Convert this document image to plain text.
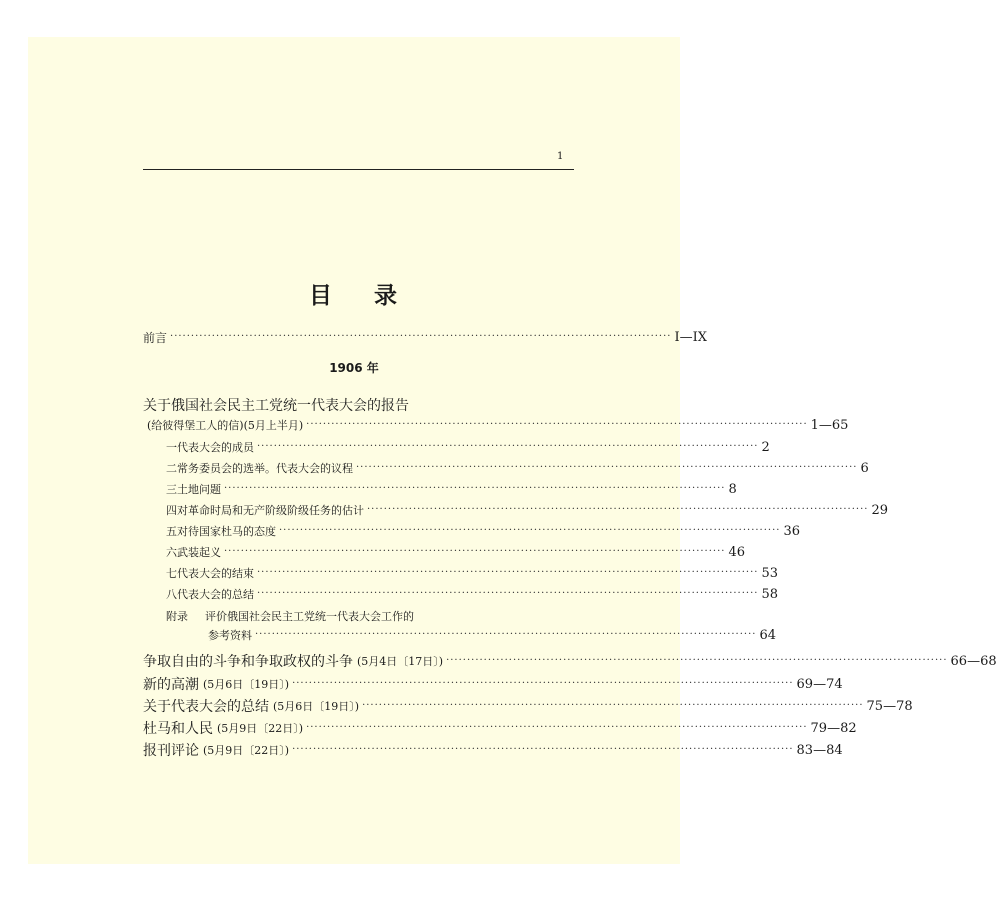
1
目 录
前言 ························································································································ I—IX
1906 年
关于俄国社会民主工党统一代表大会的报告
(给彼得堡工人的信)(5月上半月) ························································································································ 1—65
一 代表大会的成员 ························································································································ 2
二 常务委员会的选举。代表大会的议程 ························································································································ 6
三 土地问题 ························································································································ 8
四 对革命时局和无产阶级阶级任务的估计 ························································································································ 29
五 对待国家杜马的态度 ························································································································ 36
六 武装起义 ························································································································ 46
七 代表大会的结束 ························································································································ 53
八 代表大会的总结 ························································································································ 58
附录 评价俄国社会民主工党统一代表大会工作的
参考资料 ························································································································ 64
争取自由的斗争和争取政权的斗争 (5月4日〔17日〕) ························································································································ 66—68
新的高潮 (5月6日〔19日〕) ························································································································ 69—74
关于代表大会的总结 (5月6日〔19日〕) ························································································································ 75—78
杜马和人民 (5月9日〔22日〕) ························································································································ 79—82
报刊评论 (5月9日〔22日〕) ························································································································ 83—84
